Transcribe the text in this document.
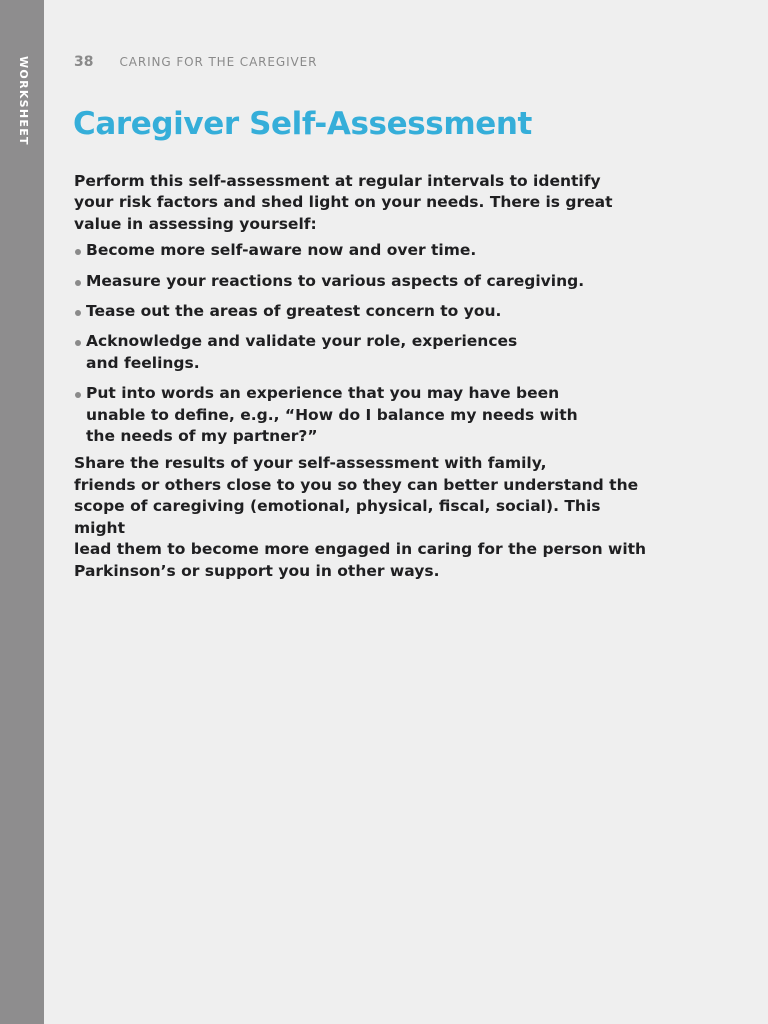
WORKSHEET	38 CARING FOR THE CAREGIVER
Caregiver Self-Assessment

Perform this self-assessment at regular intervals to identify your risk factors and shed light on your needs. There is great value in assessing yourself:

Become more self-aware now and over time.
Measure your reactions to various aspects of caregiving.
Tease out the areas of greatest concern to you.
Acknowledge and validate your role, experiences
and feelings.
Put into words an experience that you may have been
unable to define, e.g., “How do I balance my needs with
the needs of my partner?”

Share the results of your self-assessment with family,
friends or others close to you so they can better understand the
scope of caregiving (emotional, physical, fiscal, social). This might
lead them to become more engaged in caring for the person with
Parkinson’s or support you in other ways.
